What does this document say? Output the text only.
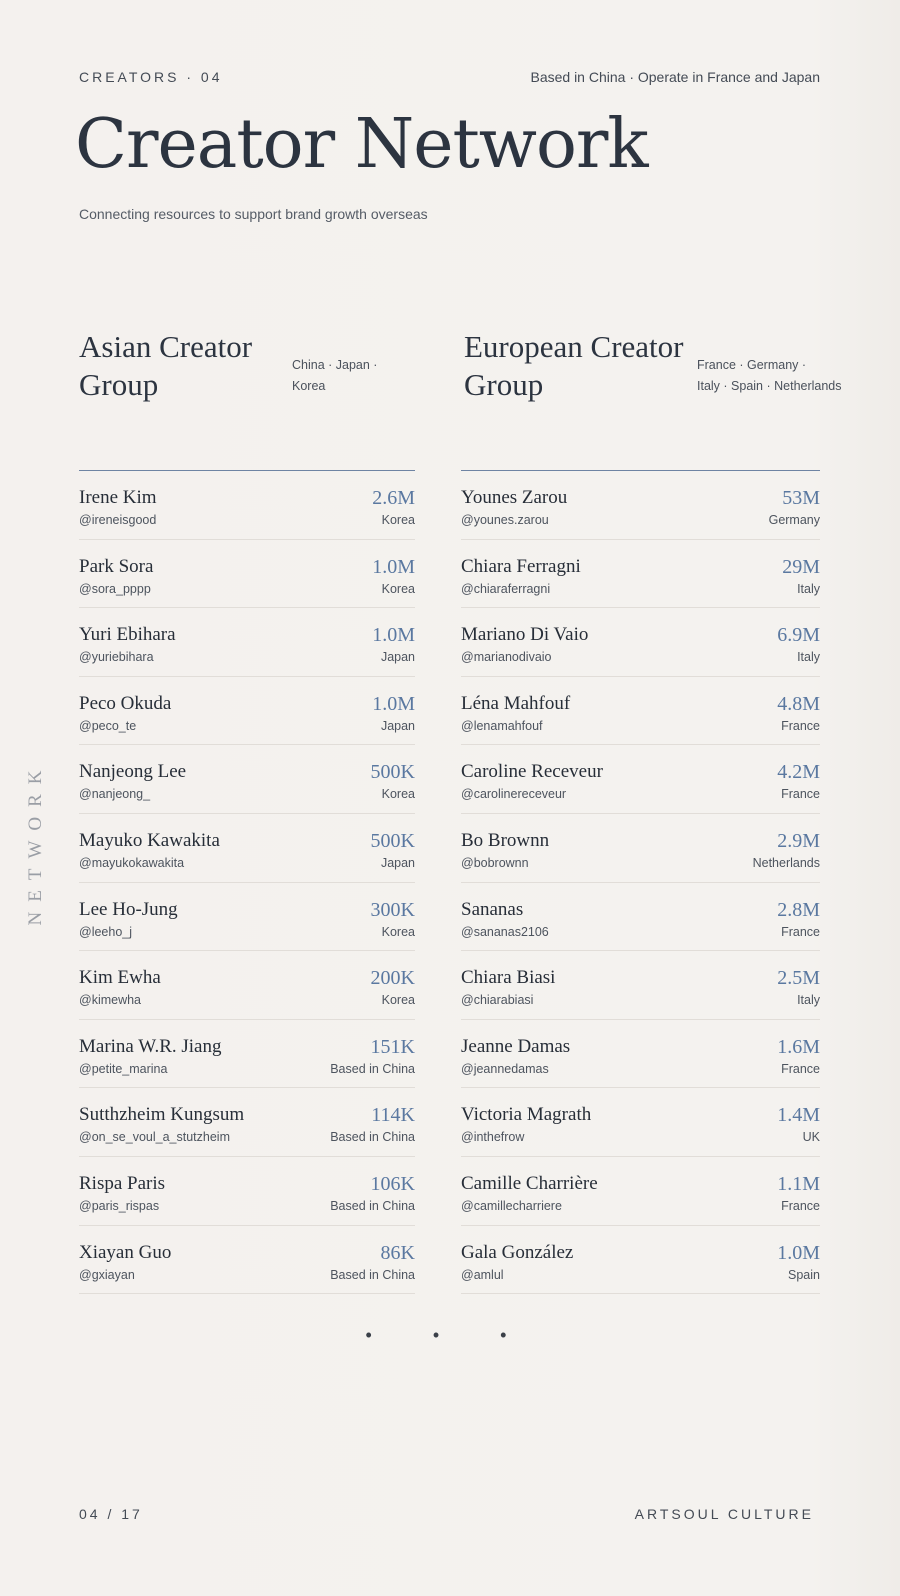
CREATORS · 04	Based in China · Operate in France and Japan
Creator Network
Connecting resources to support brand growth overseas
NETWORK
Asian Creator
Group
China · Japan ·
Korea
European Creator
Group
France · Germany ·
Italy · Spain · Netherlands
Irene Kim	2.6M
@ireneisgood	Korea
Park Sora	1.0M
@sora_pppp	Korea
Yuri Ebihara	1.0M
@yuriebihara	Japan
Peco Okuda	1.0M
@peco_te	Japan
Nanjeong Lee	500K
@nanjeong_	Korea
Mayuko Kawakita	500K
@mayukokawakita	Japan
Lee Ho-Jung	300K
@leeho_j	Korea
Kim Ewha	200K
@kimewha	Korea
Marina W.R. Jiang	151K
@petite_marina	Based in China
Sutthzheim Kungsum	114K
@on_se_voul_a_stutzheim	Based in China
Rispa Paris	106K
@paris_rispas	Based in China
Xiayan Guo	86K
@gxiayan	Based in China
Younes Zarou	53M
@younes.zarou	Germany
Chiara Ferragni	29M
@chiaraferragni	Italy
Mariano Di Vaio	6.9M
@marianodivaio	Italy
Léna Mahfouf	4.8M
@lenamahfouf	France
Caroline Receveur	4.2M
@carolinereceveur	France
Bo Brownn	2.9M
@bobrownn	Netherlands
Sananas	2.8M
@sananas2106	France
Chiara Biasi	2.5M
@chiarabiasi	Italy
Jeanne Damas	1.6M
@jeannedamas	France
Victoria Magrath	1.4M
@inthefrow	UK
Camille Charrière	1.1M
@camillecharriere	France
Gala González	1.0M
@amlul	Spain
• • •
04 / 17	ARTSOUL CULTURE
